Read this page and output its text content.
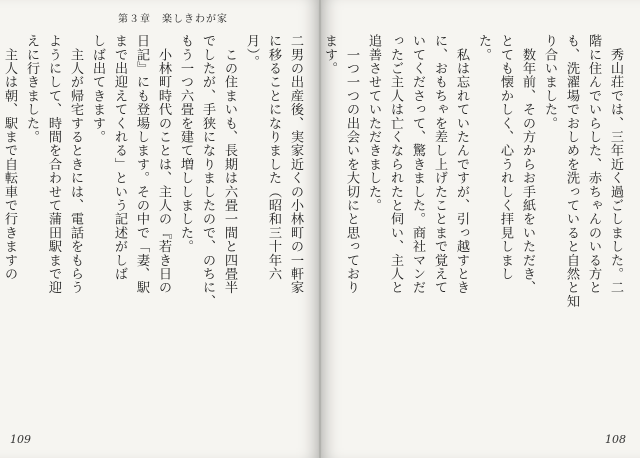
第３章　楽しきわが家
二男の出産後、実家近くの小林町の一軒家
に移ることになりました（昭和三十年六
月）。
　この住まいも、長期は六畳一間と四畳半
でしたが、手狭になりましたので、のちに、
もう一つ六畳を建て増ししました。
　小林町時代のことは、主人の『若き日の
日記』にも登場します。その中で「妻、駅
まで出迎えてくれる」という記述がしば
しば出てきます。
　主人が帰宅するときには、電話をもらう
ようにして、時間を合わせて蒲田駅まで迎
えに行きました。
　主人は朝、駅まで自転車で行きますの
109
　秀山荘では、三年近く過ごしました。二
階に住んでいらした、赤ちゃんのいる方と
も、洗濯場でおしめを洗っていると自然と知
り合いました。
　数年前、その方からお手紙をいただき、
とても懐かしく、心うれしく拝見しまし
た。
　私は忘れていたんですが、引っ越すとき
に、おもちゃを差し上げたことまで覚えて
いてくださって、驚きました。商社マンだ
ったご主人は亡くなられたと伺い、主人と
追善させていただきました。
　一つ一つの出会いを大切にと思っており
ます。
108
